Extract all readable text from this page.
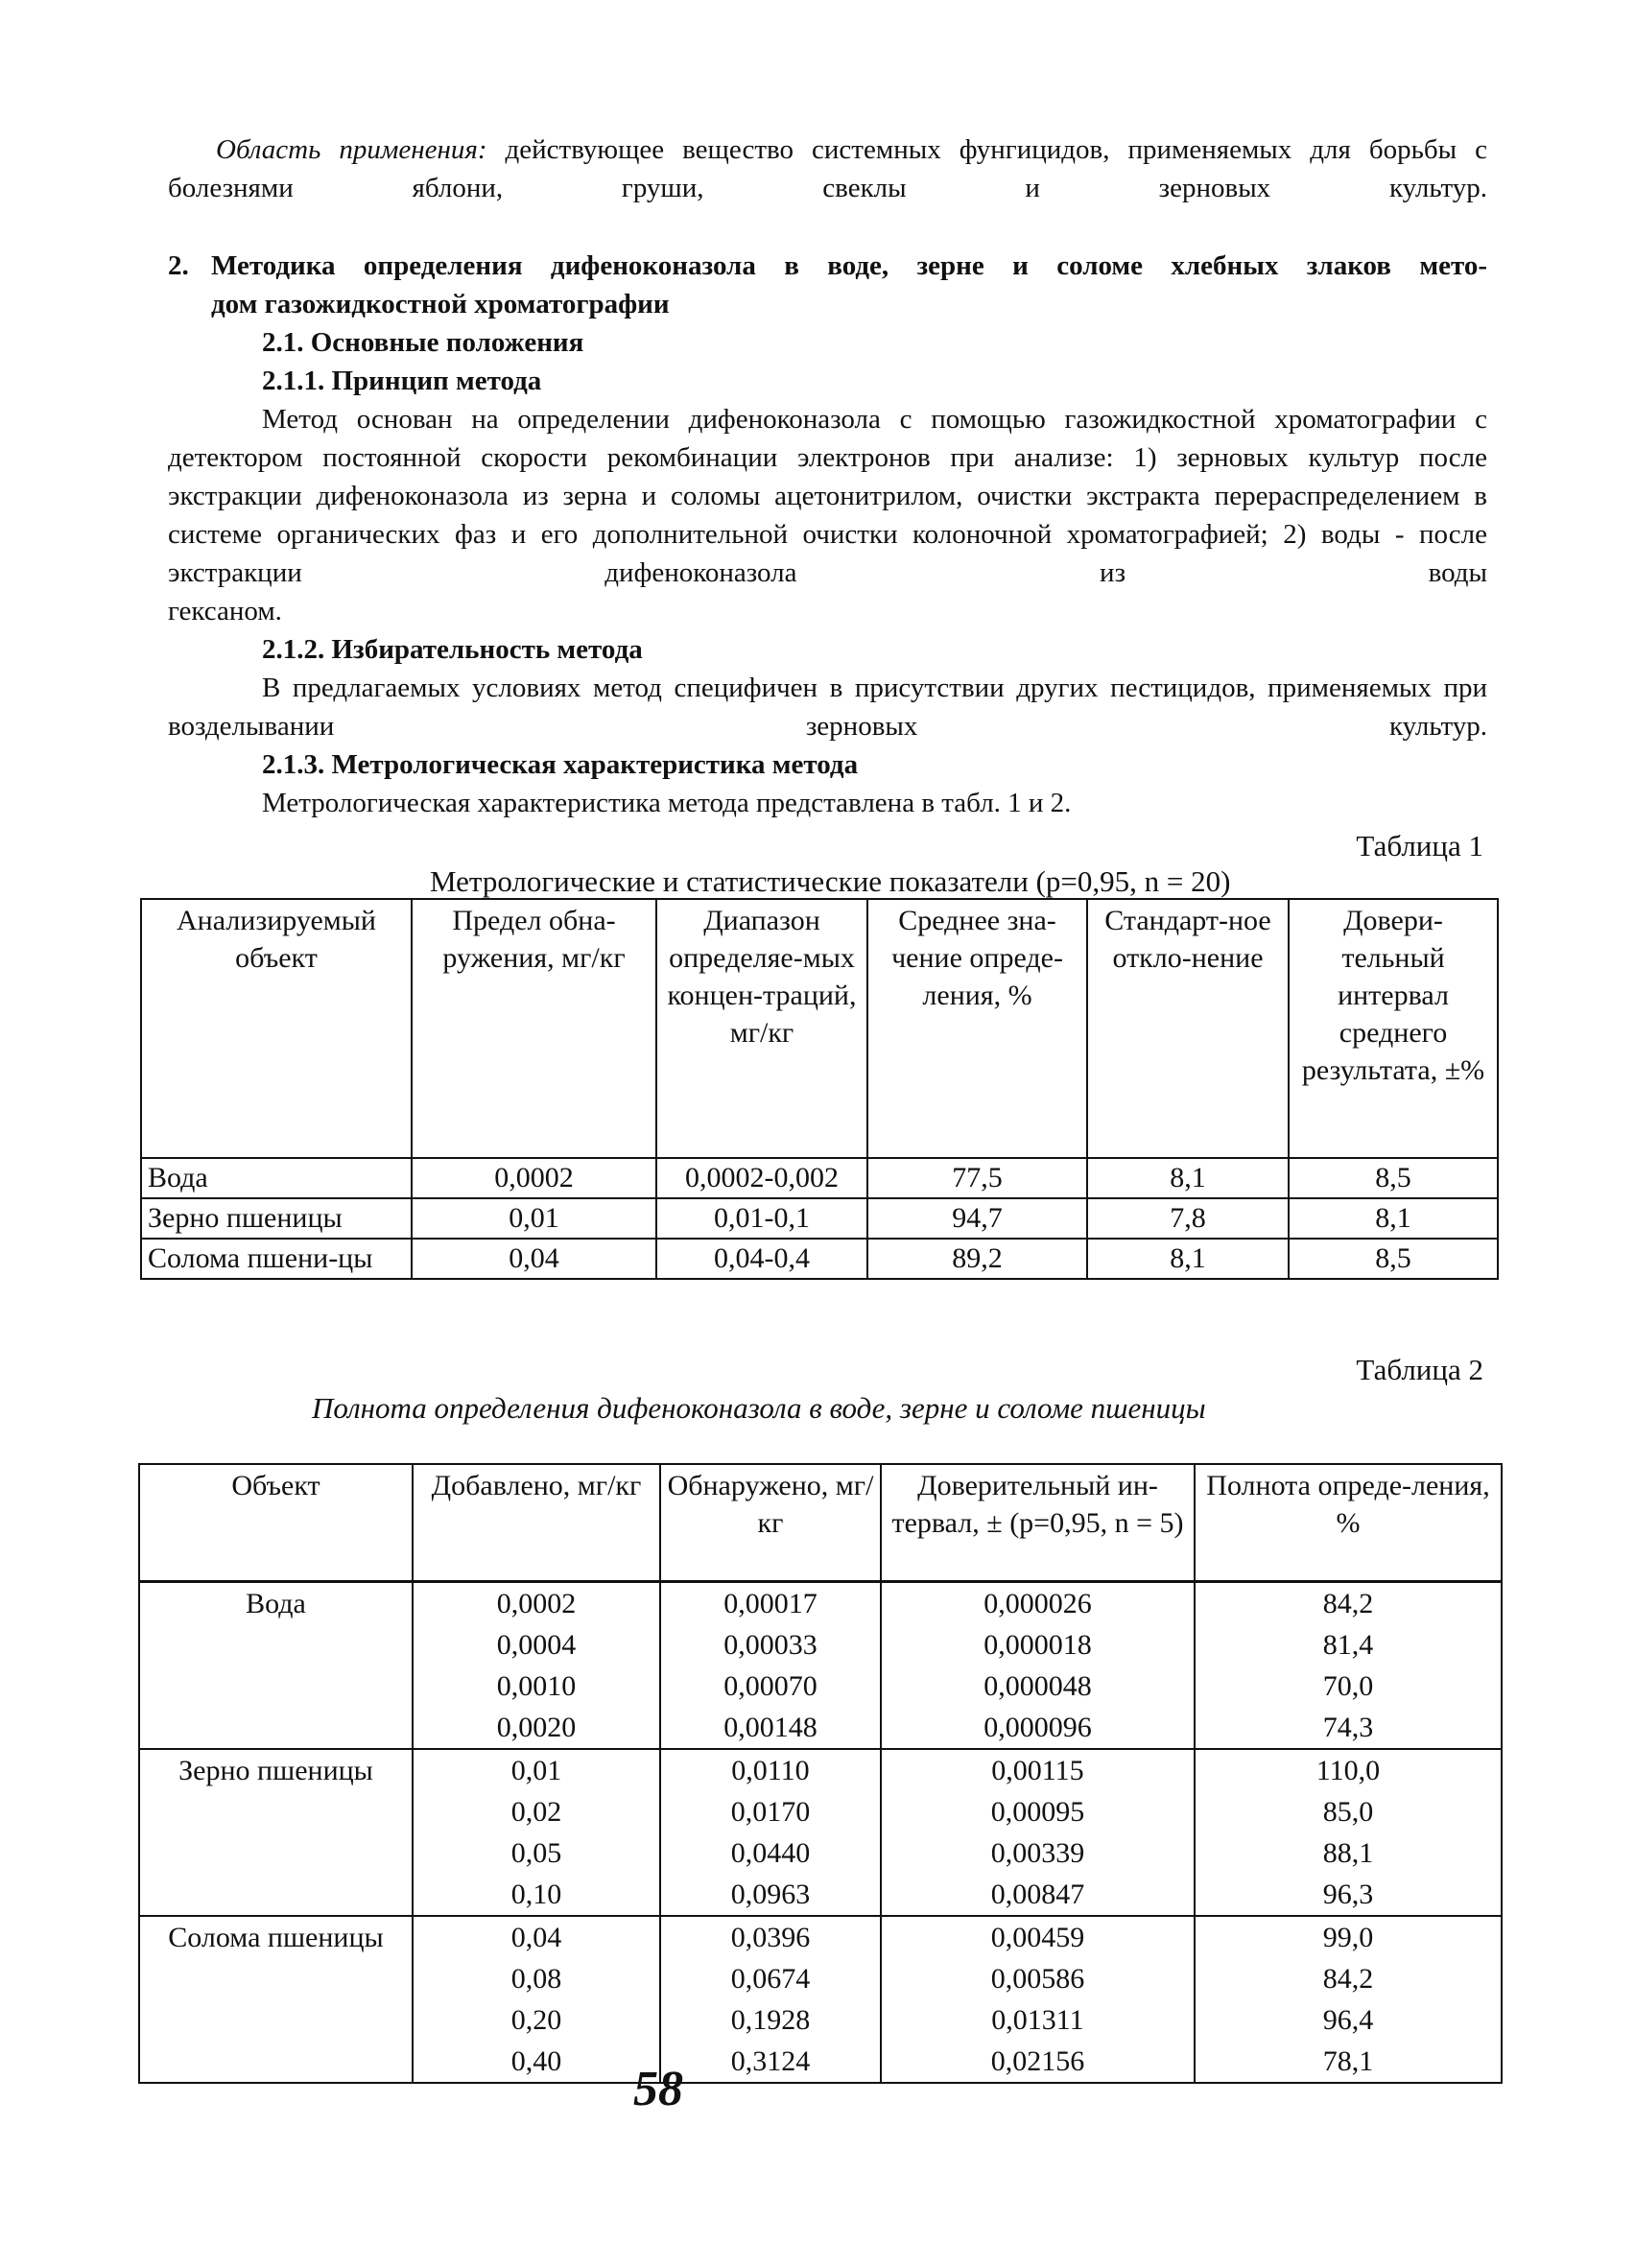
Область применения: действующее вещество системных фунгицидов, применяемых для борьбы с болезнями яблони, груши, свеклы и зерновых культур.

2. Методика определения дифеноконазола в воде, зерне и соломе хлебных злаков мето-

дом газожидкостной хроматографии

2.1. Основные положения

2.1.1. Принцип метода

Метод основан на определении дифеноконазола с помощью газожидкостной хроматографии с детектором постоянной скорости рекомбинации электронов при анализе: 1) зерновых культур после экстракции дифеноконазола из зерна и соломы ацетонитрилом, очистки экстракта перераспределением в системе органических фаз и его дополнительной очистки колоночной хроматографией; 2) воды - после экстракции дифеноконазола из воды

гексаном.

2.1.2. Избирательность метода

В предлагаемых условиях метод специфичен в присутствии других пестицидов, применяемых при возделывании зерновых культур.

2.1.3. Метрологическая характеристика метода

Метрологическая характеристика метода представлена в табл. 1 и 2.

Таблица 1

Метрологические и статистические показатели (р=0,95, n = 20)

Анализируемый объект	Предел обна-ружения, мг/кг	Диапазон определяе-мых концен-траций, мг/кг	Среднее зна-чение опреде-ления, %	Стандарт-ное откло-нение	Довери-тельный интервал среднего результата, ±%
Вода	0,0002	0,0002-0,002	77,5	8,1	8,5
Зерно пшеницы	0,01	0,01-0,1	94,7	7,8	8,1
Солома пшени-цы	0,04	0,04-0,4	89,2	8,1	8,5

Таблица 2

Полнота определения дифеноконазола в воде, зерне и соломе пшеницы

Объект	Добавлено, мг/кг	Обнаружено, мг/кг	Доверительный ин-тервал, ± (р=0,95, n = 5)	Полнота опреде-ления, %
Вода	0,0002	0,00017	0,000026	84,2
	0,0004	0,00033	0,000018	81,4
	0,0010	0,00070	0,000048	70,0
	0,0020	0,00148	0,000096	74,3
Зерно пшеницы	0,01	0,0110	0,00115	110,0
	0,02	0,0170	0,00095	85,0
	0,05	0,0440	0,00339	88,1
	0,10	0,0963	0,00847	96,3
Солома пшеницы	0,04	0,0396	0,00459	99,0
	0,08	0,0674	0,00586	84,2
	0,20	0,1928	0,01311	96,4
	0,40	0,3124	0,02156	78,1
58
